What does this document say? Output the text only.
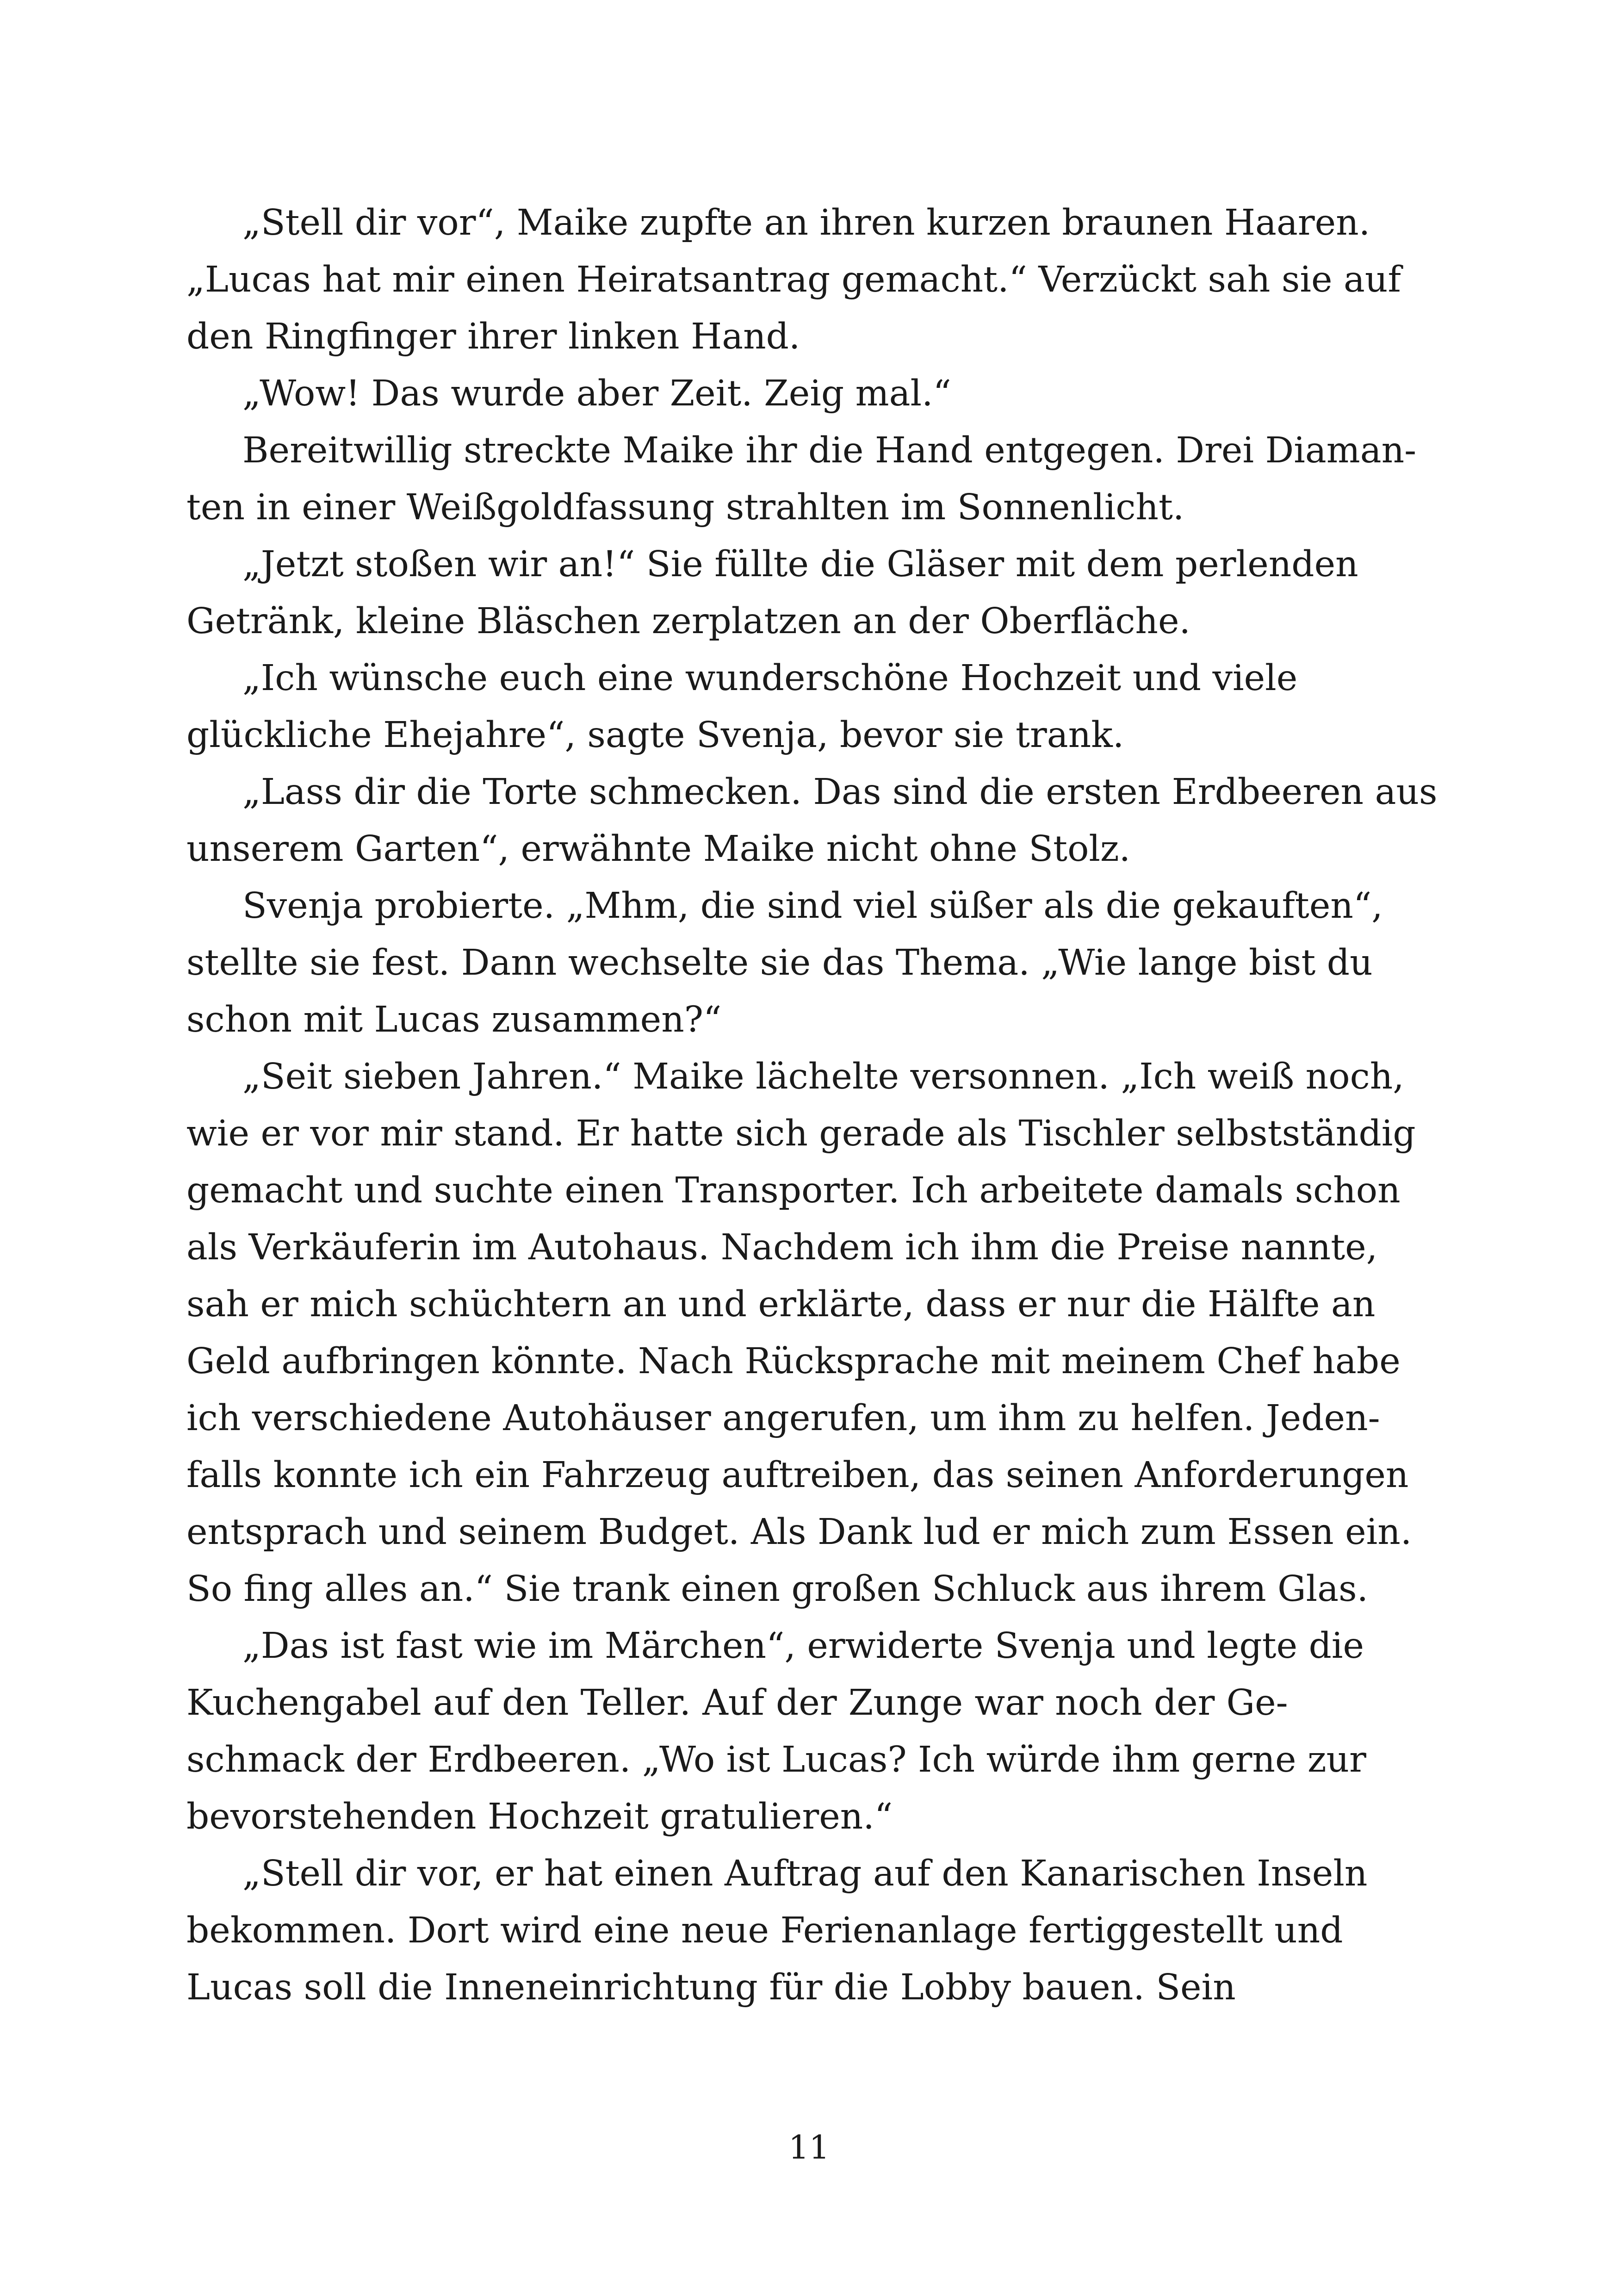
„Stell dir vor“, Maike zupfte an ihren kurzen braunen Haaren.
„Lucas hat mir einen Heiratsantrag gemacht.“ Verzückt sah sie auf
den Ringfinger ihrer linken Hand.
„Wow! Das wurde aber Zeit. Zeig mal.“
Bereitwillig streckte Maike ihr die Hand entgegen. Drei Diaman-
ten in einer Weißgoldfassung strahlten im Sonnenlicht.
„Jetzt stoßen wir an!“ Sie füllte die Gläser mit dem perlenden
Getränk, kleine Bläschen zerplatzen an der Oberfläche.
„Ich wünsche euch eine wunderschöne Hochzeit und viele
glückliche Ehejahre“, sagte Svenja, bevor sie trank.
„Lass dir die Torte schmecken. Das sind die ersten Erdbeeren aus
unserem Garten“, erwähnte Maike nicht ohne Stolz.
Svenja probierte. „Mhm, die sind viel süßer als die gekauften“,
stellte sie fest. Dann wechselte sie das Thema. „Wie lange bist du
schon mit Lucas zusammen?“
„Seit sieben Jahren.“ Maike lächelte versonnen. „Ich weiß noch,
wie er vor mir stand. Er hatte sich gerade als Tischler selbstständig
gemacht und suchte einen Transporter. Ich arbeitete damals schon
als Verkäuferin im Autohaus. Nachdem ich ihm die Preise nannte,
sah er mich schüchtern an und erklärte, dass er nur die Hälfte an
Geld aufbringen könnte. Nach Rücksprache mit meinem Chef habe
ich verschiedene Autohäuser angerufen, um ihm zu helfen. Jeden-
falls konnte ich ein Fahrzeug auftreiben, das seinen Anforderungen
entsprach und seinem Budget. Als Dank lud er mich zum Essen ein.
So fing alles an.“ Sie trank einen großen Schluck aus ihrem Glas.
„Das ist fast wie im Märchen“, erwiderte Svenja und legte die
Kuchengabel auf den Teller. Auf der Zunge war noch der Ge-
schmack der Erdbeeren. „Wo ist Lucas? Ich würde ihm gerne zur
bevorstehenden Hochzeit gratulieren.“
„Stell dir vor, er hat einen Auftrag auf den Kanarischen Inseln
bekommen. Dort wird eine neue Ferienanlage fertiggestellt und
Lucas soll die Inneneinrichtung für die Lobby bauen. Sein
11
